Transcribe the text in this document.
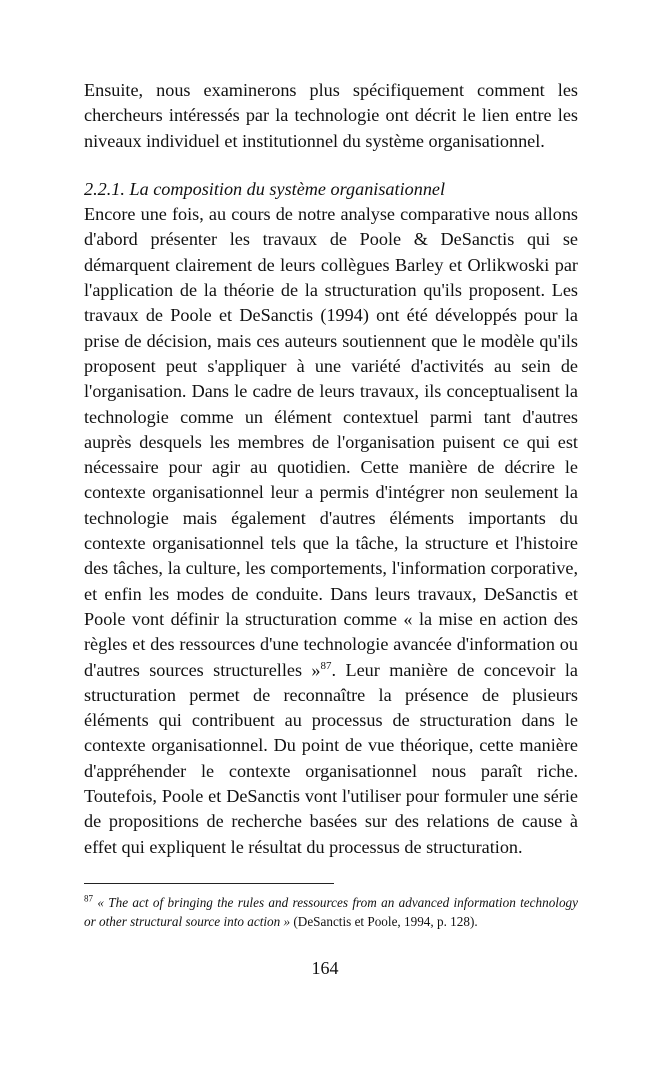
Ensuite, nous examinerons plus spécifiquement comment les chercheurs intéressés par la technologie ont décrit le lien entre les niveaux individuel et institutionnel du système organisationnel.

2.2.1. La composition du système organisationnel

Encore une fois, au cours de notre analyse comparative nous allons d'abord présenter les travaux de Poole & DeSanctis qui se démarquent clairement de leurs collègues Barley et Orlikwoski par l'application de la théorie de la structuration qu'ils proposent. Les travaux de Poole et DeSanctis (1994) ont été développés pour la prise de décision, mais ces auteurs soutiennent que le modèle qu'ils proposent peut s'appliquer à une variété d'activités au sein de l'organisation. Dans le cadre de leurs travaux, ils conceptualisent la technologie comme un élément contextuel parmi tant d'autres auprès desquels les membres de l'organisation puisent ce qui est nécessaire pour agir au quotidien. Cette manière de décrire le contexte organisationnel leur a permis d'intégrer non seulement la technologie mais également d'autres éléments importants du contexte organisationnel tels que la tâche, la structure et l'histoire des tâches, la culture, les comportements, l'information corporative, et enfin les modes de conduite. Dans leurs travaux, DeSanctis et Poole vont définir la structuration comme « la mise en action des règles et des ressources d'une technologie avancée d'information ou d'autres sources structurelles »$^{87}$. Leur manière de concevoir la structuration permet de reconnaître la présence de plusieurs éléments qui contribuent au processus de structuration dans le contexte organisationnel. Du point de vue théorique, cette manière d'appréhender le contexte organisationnel nous paraît riche. Toutefois, Poole et DeSanctis vont l'utiliser pour formuler une série de propositions de recherche basées sur des relations de cause à effet qui expliquent le résultat du processus de structuration.

$^{87}$ « The act of bringing the rules and ressources from an advanced information technology or other structural source into action » (DeSanctis et Poole, 1994, p. 128).

164
